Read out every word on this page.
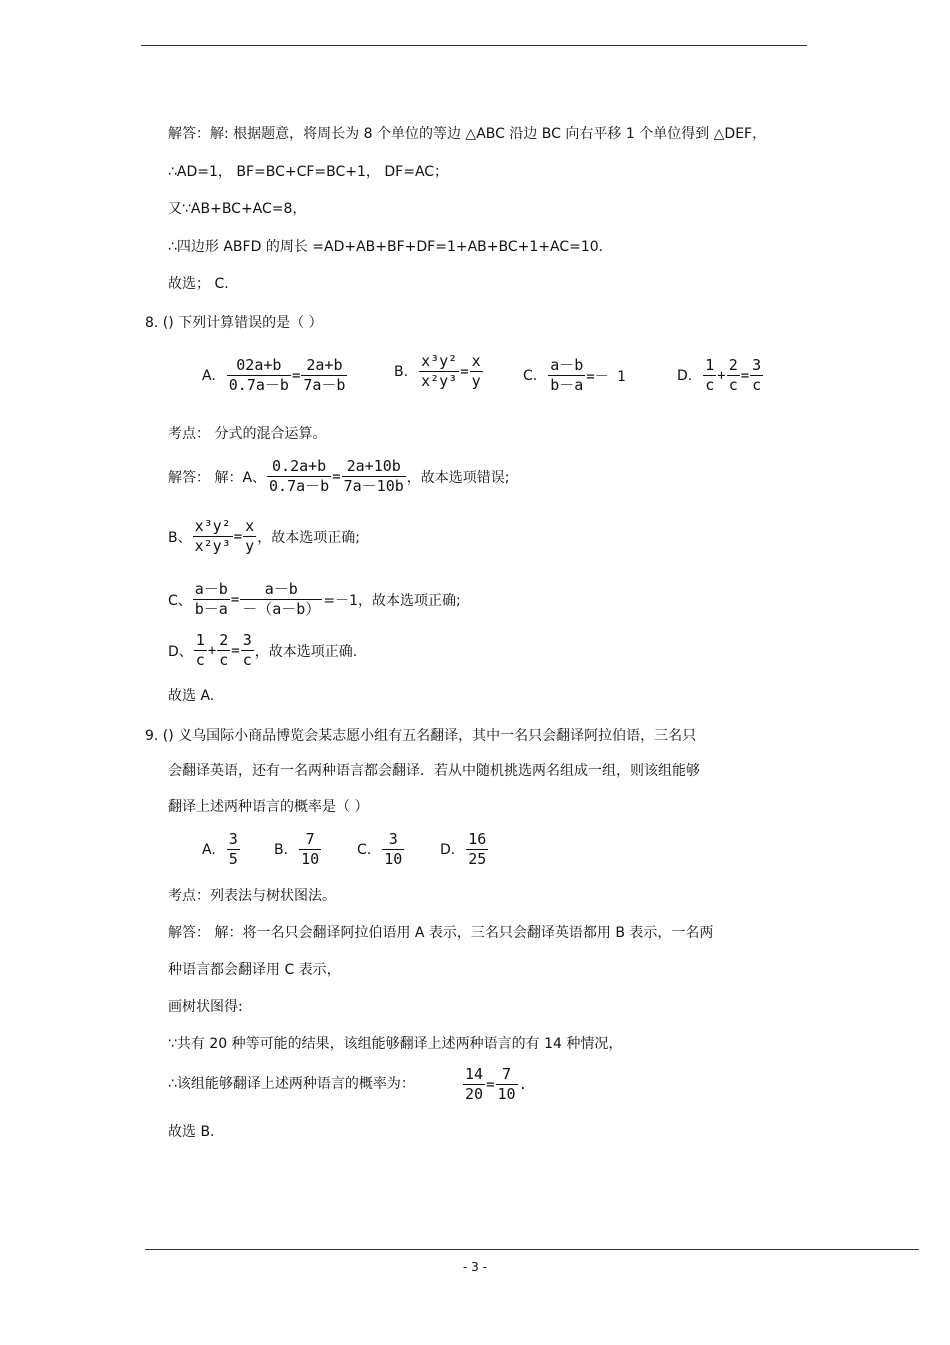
解答：解: 根据题意，将周长为 8 个单位的等边 △ABC 沿边 BC 向右平移 1 个单位得到 △DEF，
∴AD=1， BF=BC+CF=BC+1， DF=AC；
又∵AB+BC+AC=8，
∴四边形 ABFD 的周长 =AD+AB+BF+DF=1+AB+BC+1+AC=10.
故选； C.
8. () 下列计算错误的是（ ）
A. $\frac{02a+b}{0.7a-b} = \frac{2a+b}{7a-b}$	B. $\frac{\text{x³y²}}{\text{x²y³}} = \frac{x}{y}$	C. $\frac{a-b}{b-a} =- 1$	D. $\frac{1}{c} + \frac{2}{c} = \frac{3}{c}$
考点： 分式的混合运算。
解答： 解：A、 $\frac{0.2a+b}{0.7a-b} = \frac{2a+10b}{7a-10b}$ ，故本选项错误;
B、 $\frac{\text{x³y²}}{\text{x²y³}} = \frac{x}{y}$ ，故本选项正确;
C、 $\frac{a-b}{b-a} = \frac{a-b}{-(a-b)} =-1$，故本选项正确;
D、 $\frac{1}{c} + \frac{2}{c} = \frac{3}{c}$ ，故本选项正确.
故选 A.
9. () 义乌国际小商品博览会某志愿小组有五名翻译，其中一名只会翻译阿拉伯语，三名只
会翻译英语，还有一名两种语言都会翻译．若从中随机挑选两名组成一组，则该组能够
翻译上述两种语言的概率是（ ）
A. $\frac{3}{5} B$. $\frac{7}{10}$	C. $\frac{3}{10}$	D. $\frac{16}{25}$
考点：列表法与树状图法。
解答： 解：将一名只会翻译阿拉伯语用 A 表示，三名只会翻译英语都用 B 表示，一名两
种语言都会翻译用 C 表示，
画树状图得:
∵共有 20 种等可能的结果，该组能够翻译上述两种语言的有 14 种情况，
∴该组能够翻译上述两种语言的概率为：	$\frac{14}{20} = \frac{7}{10}$ .
故选 B.
- 3 -
